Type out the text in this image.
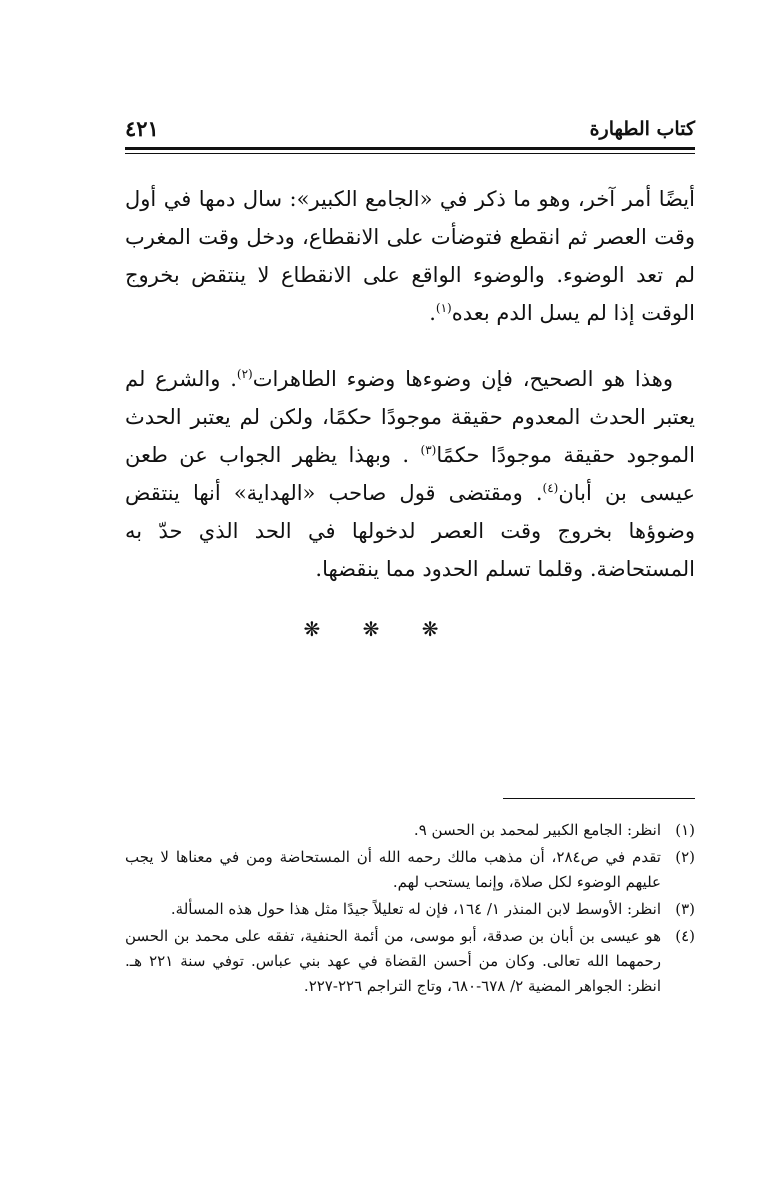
كتاب الطهارة
٤٢١

أيضًا أمر آخر، وهو ما ذكر في «الجامع الكبير»: سال دمها في أول وقت العصر ثم انقطع فتوضأت على الانقطاع، ودخل وقت المغرب لم تعد الوضوء. والوضوء الواقع على الانقطاع لا ينتقض بخروج الوقت إذا لم يسل الدم بعده$^{(١)}$.

وهذا هو الصحيح، فإن وضوءها وضوء الطاهرات$^{(٢)}$. والشرع لم يعتبر الحدث المعدوم حقيقة موجودًا حكمًا، ولكن لم يعتبر الحدث الموجود حقيقة موجودًا حكمًا$^{(٣)}$ . وبهذا يظهر الجواب عن طعن عيسى بن أبان$^{(٤)}$. ومقتضى قول صاحب «الهداية» أنها ينتقض وضوؤها بخروج وقت العصر لدخولها في الحد الذي حدّ به المستحاضة. وقلما تسلم الحدود مما ينقضها.

❋ ❋ ❋
(١)
انظر: الجامع الكبير لمحمد بن الحسن ٩.
(٢)
تقدم في ص٢٨٤، أن مذهب مالك رحمه الله أن المستحاضة ومن في معناها لا يجب عليهم الوضوء لكل صلاة، وإنما يستحب لهم.
(٣)
انظر: الأوسط لابن المنذر ١/ ١٦٤، فإن له تعليلاً جيدًا مثل هذا حول هذه المسألة.
(٤)
هو عيسى بن أبان بن صدقة، أبو موسى، من أئمة الحنفية، تفقه على محمد بن الحسن رحمهما الله تعالى. وكان من أحسن القضاة في عهد بني عباس. توفي سنة ٢٢١ هـ. انظر: الجواهر المضية ٢/ ٦٧٨-٦٨٠، وتاج التراجم ٢٢٦-٢٢٧.
